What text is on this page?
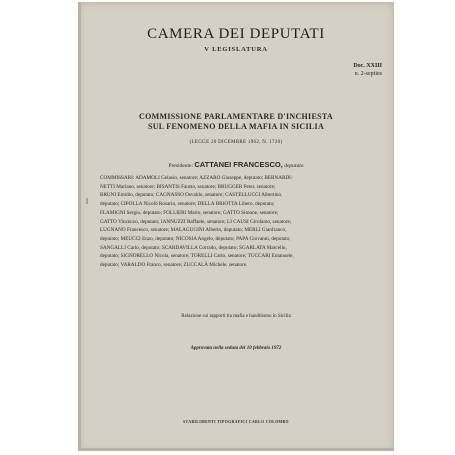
CAMERA DEI DEPUTATI
V LEGISLATURA
Doc. XXIII
n. 2-septies
COMMISSIONE PARLAMENTARE D'INCHIESTA
SUL FENOMENO DELLA MAFIA IN SICILIA
(LEGGE 20 DICEMBRE 1962, N. 1720)
Presidente: CATTANEI FRANCESCO, deputato
COMMISSARI: ADAMOLI Gelasio, senatore; AZZARO Giuseppe, deputato; BERNARDI-
NETTI Mariano, senatore; BISANTIS Fausto, senatore; BRUGGER Peter, senatore;
BRUNI Emidio, deputato; CAGNASSO Osvaldo, senatore; CASTELLUCCI Albertino,
deputato; CIPOLLA Nicolò Rosario, senatore; DELLA BRIOTTA Libero, deputato;
FLAMIGNI Sergio, deputato; FOLLIERI Mario, senatore; GATTO Simone, senatore;
GATTO Vincenzo, deputato; IANNUZZI Raffaele, senatore; LI CAUSI Girolamo, senatore;
LUGNANO Francesco, senatore; MALAGUGINI Alberto, deputato; MERLI Gianfranco,
deputato; MEUCCI Enzo, deputato; NICOSIA Angelo, deputato; PAPA Giovanni, deputato;
SANGALLI Carlo, deputato; SCARDAVILLA Corrado, deputato; SGARLATA Marcello,
deputato; SIGNORELLO Nicola, senatore; TORELLI Carlo, senatore; TUCCARI Emanuele,
deputato; VARALDO Franco, senatore; ZUCCALÀ Michele, senatore.
Relazione sui rapporti tra mafia e banditismo in Sicilia
Approvata nella seduta del 10 febbraio 1972
STABILIMENTI TIPOGRAFICI CARLO COLOMBO
